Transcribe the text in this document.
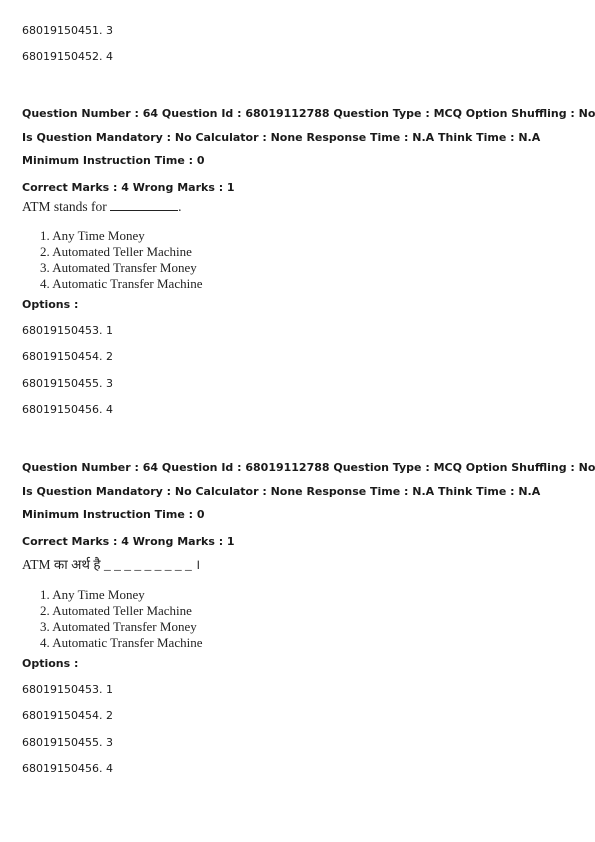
68019150451. 3
68019150452. 4
Question Number : 64 Question Id : 68019112788 Question Type : MCQ Option Shuffling : No
Is Question Mandatory : No Calculator : None Response Time : N.A Think Time : N.A
Minimum Instruction Time : 0
Correct Marks : 4 Wrong Marks : 1
ATM stands for	.
1. Any Time Money
2. Automated Teller Machine
3. Automated Transfer Money
4. Automatic Transfer Machine
Options :
68019150453. 1
68019150454. 2
68019150455. 3
68019150456. 4
Question Number : 64 Question Id : 68019112788 Question Type : MCQ Option Shuffling : No
Is Question Mandatory : No Calculator : None Response Time : N.A Think Time : N.A
Minimum Instruction Time : 0
Correct Marks : 4 Wrong Marks : 1
ATM का अर्थ है _ _ _ _ _ _ _ _ _ ।
1. Any Time Money
2. Automated Teller Machine
3. Automated Transfer Money
4. Automatic Transfer Machine
Options :
68019150453. 1
68019150454. 2
68019150455. 3
68019150456. 4
